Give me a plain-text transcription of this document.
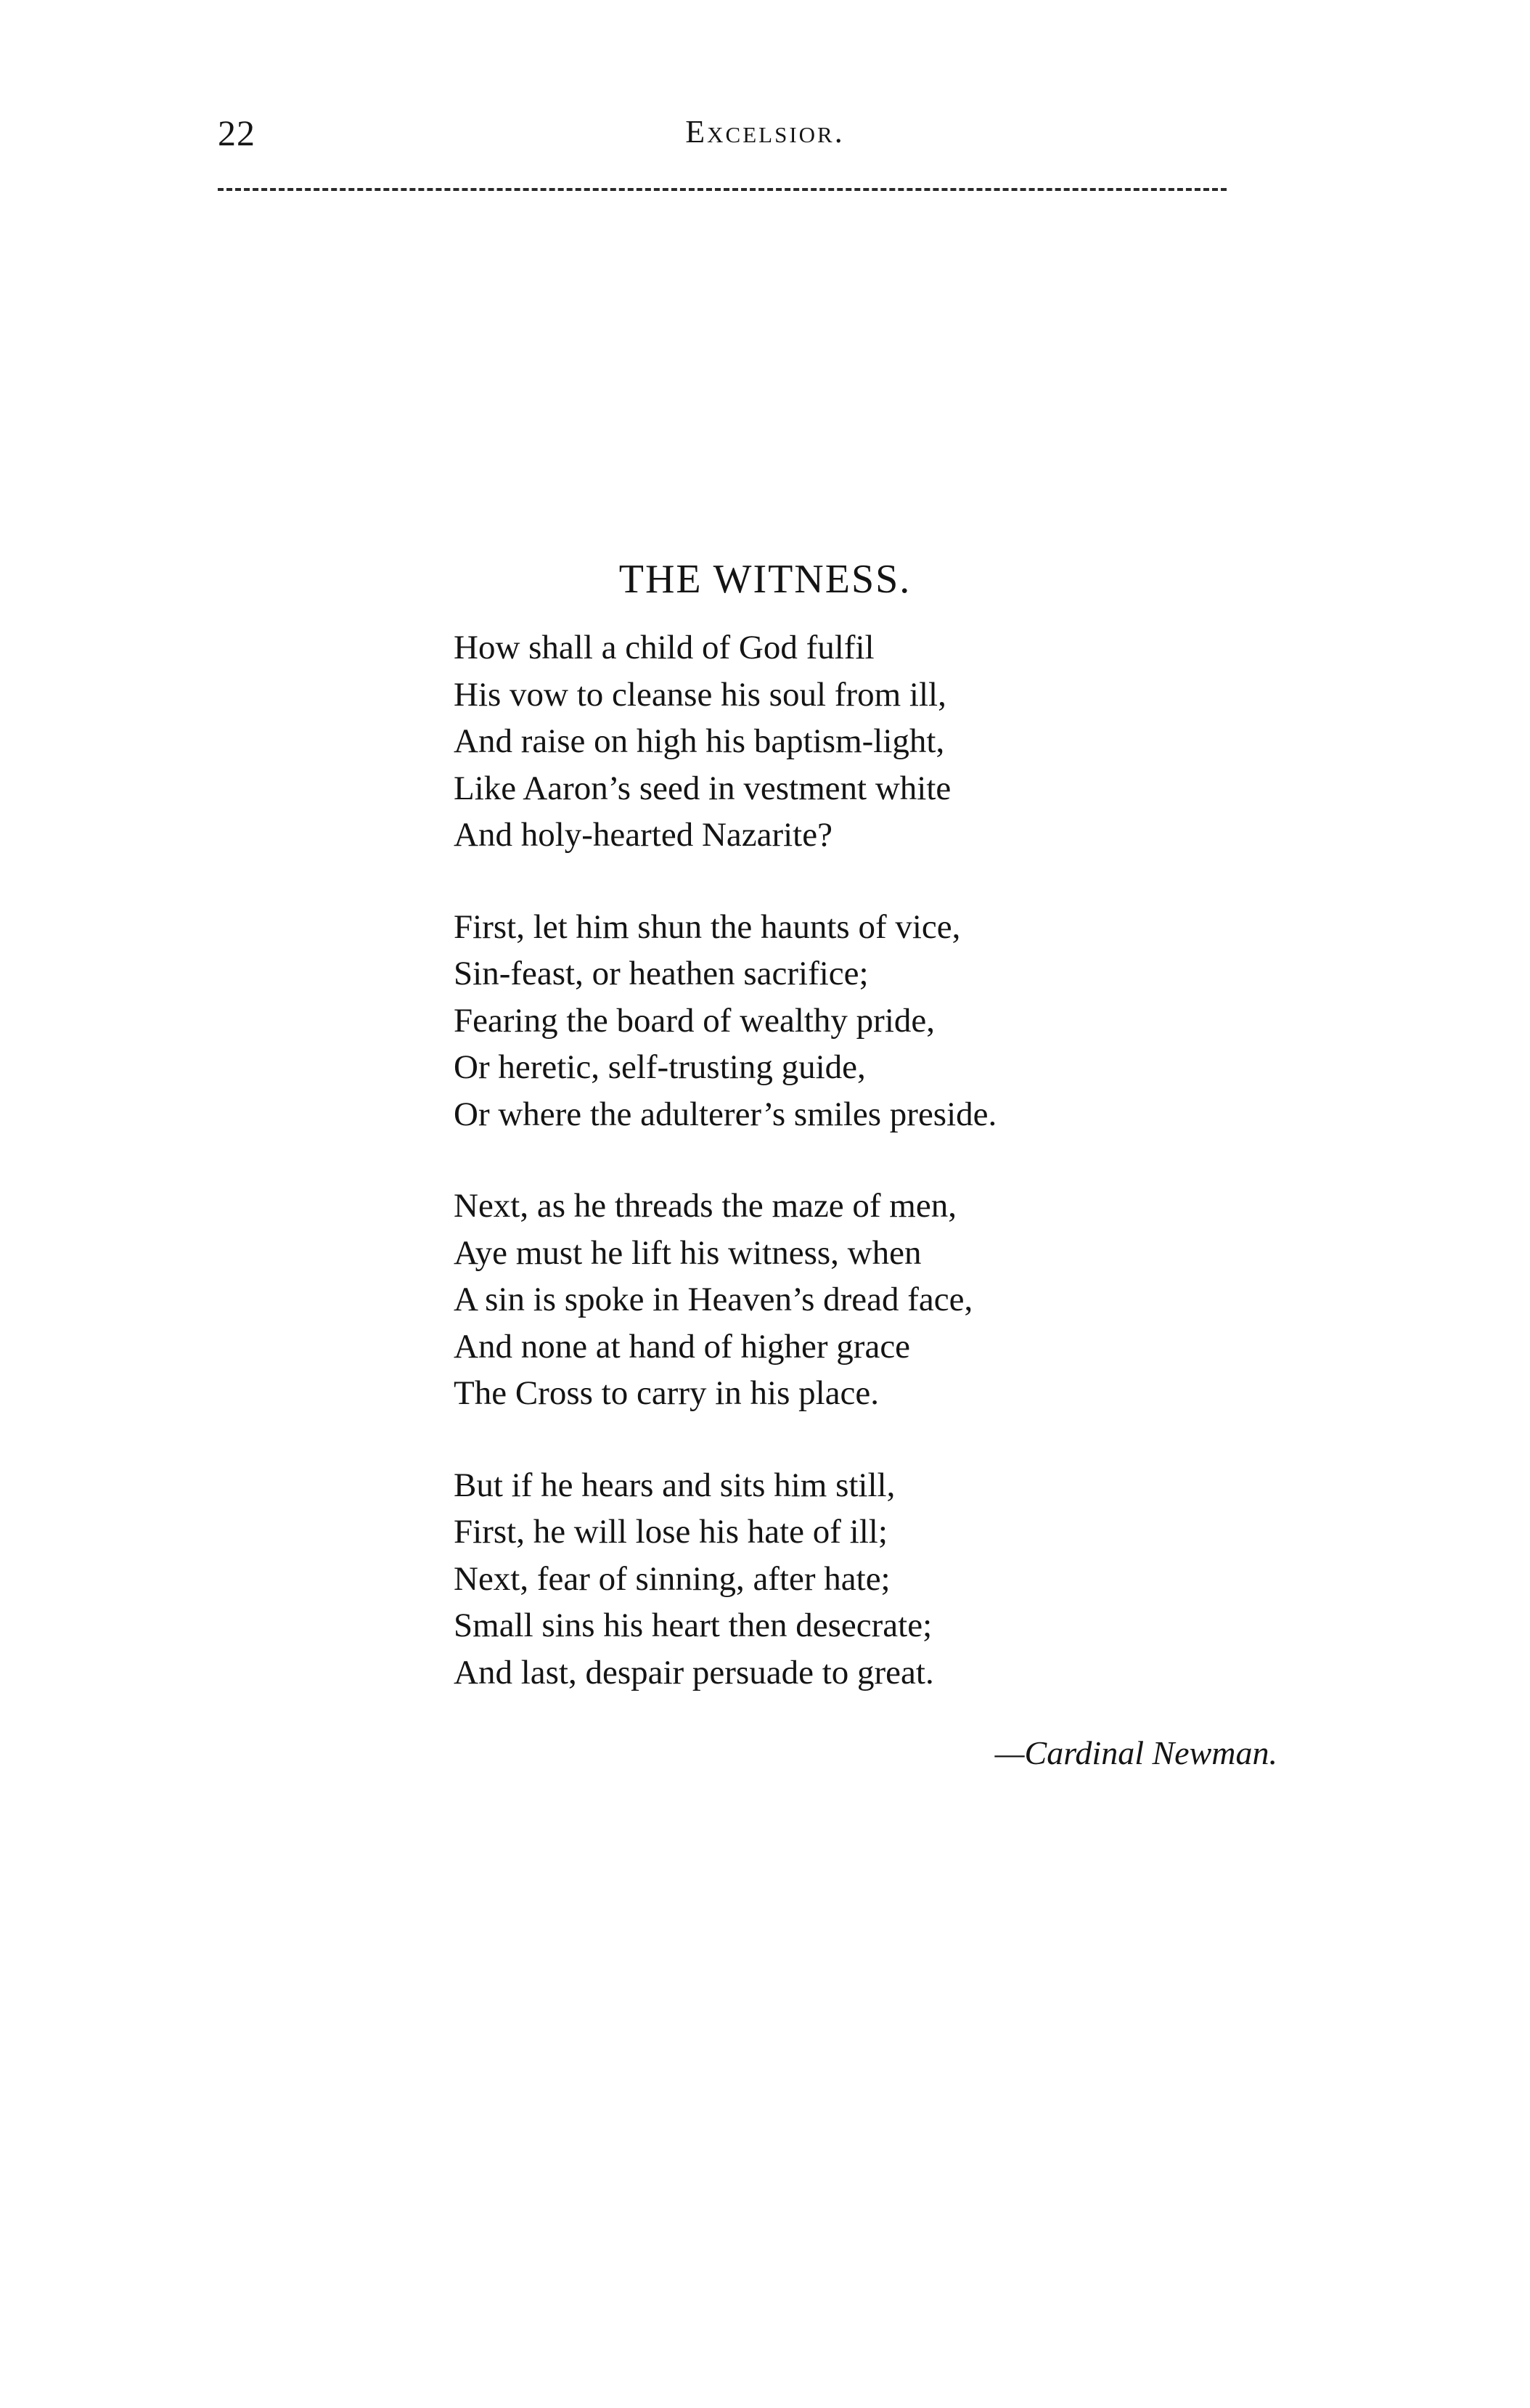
22	Excelsior.
THE WITNESS.
How shall a child of God fulfil
His vow to cleanse his soul from ill,
And raise on high his baptism-light,
Like Aaron’s seed in vestment white
And holy-hearted Nazarite?
First, let him shun the haunts of vice,
Sin-feast, or heathen sacrifice;
Fearing the board of wealthy pride,
Or heretic, self-trusting guide,
Or where the adulterer’s smiles preside.
Next, as he threads the maze of men,
Aye must he lift his witness, when
A sin is spoke in Heaven’s dread face,
And none at hand of higher grace
The Cross to carry in his place.
But if he hears and sits him still,
First, he will lose his hate of ill;
Next, fear of sinning, after hate;
Small sins his heart then desecrate;
And last, despair persuade to great.
—Cardinal Newman.
